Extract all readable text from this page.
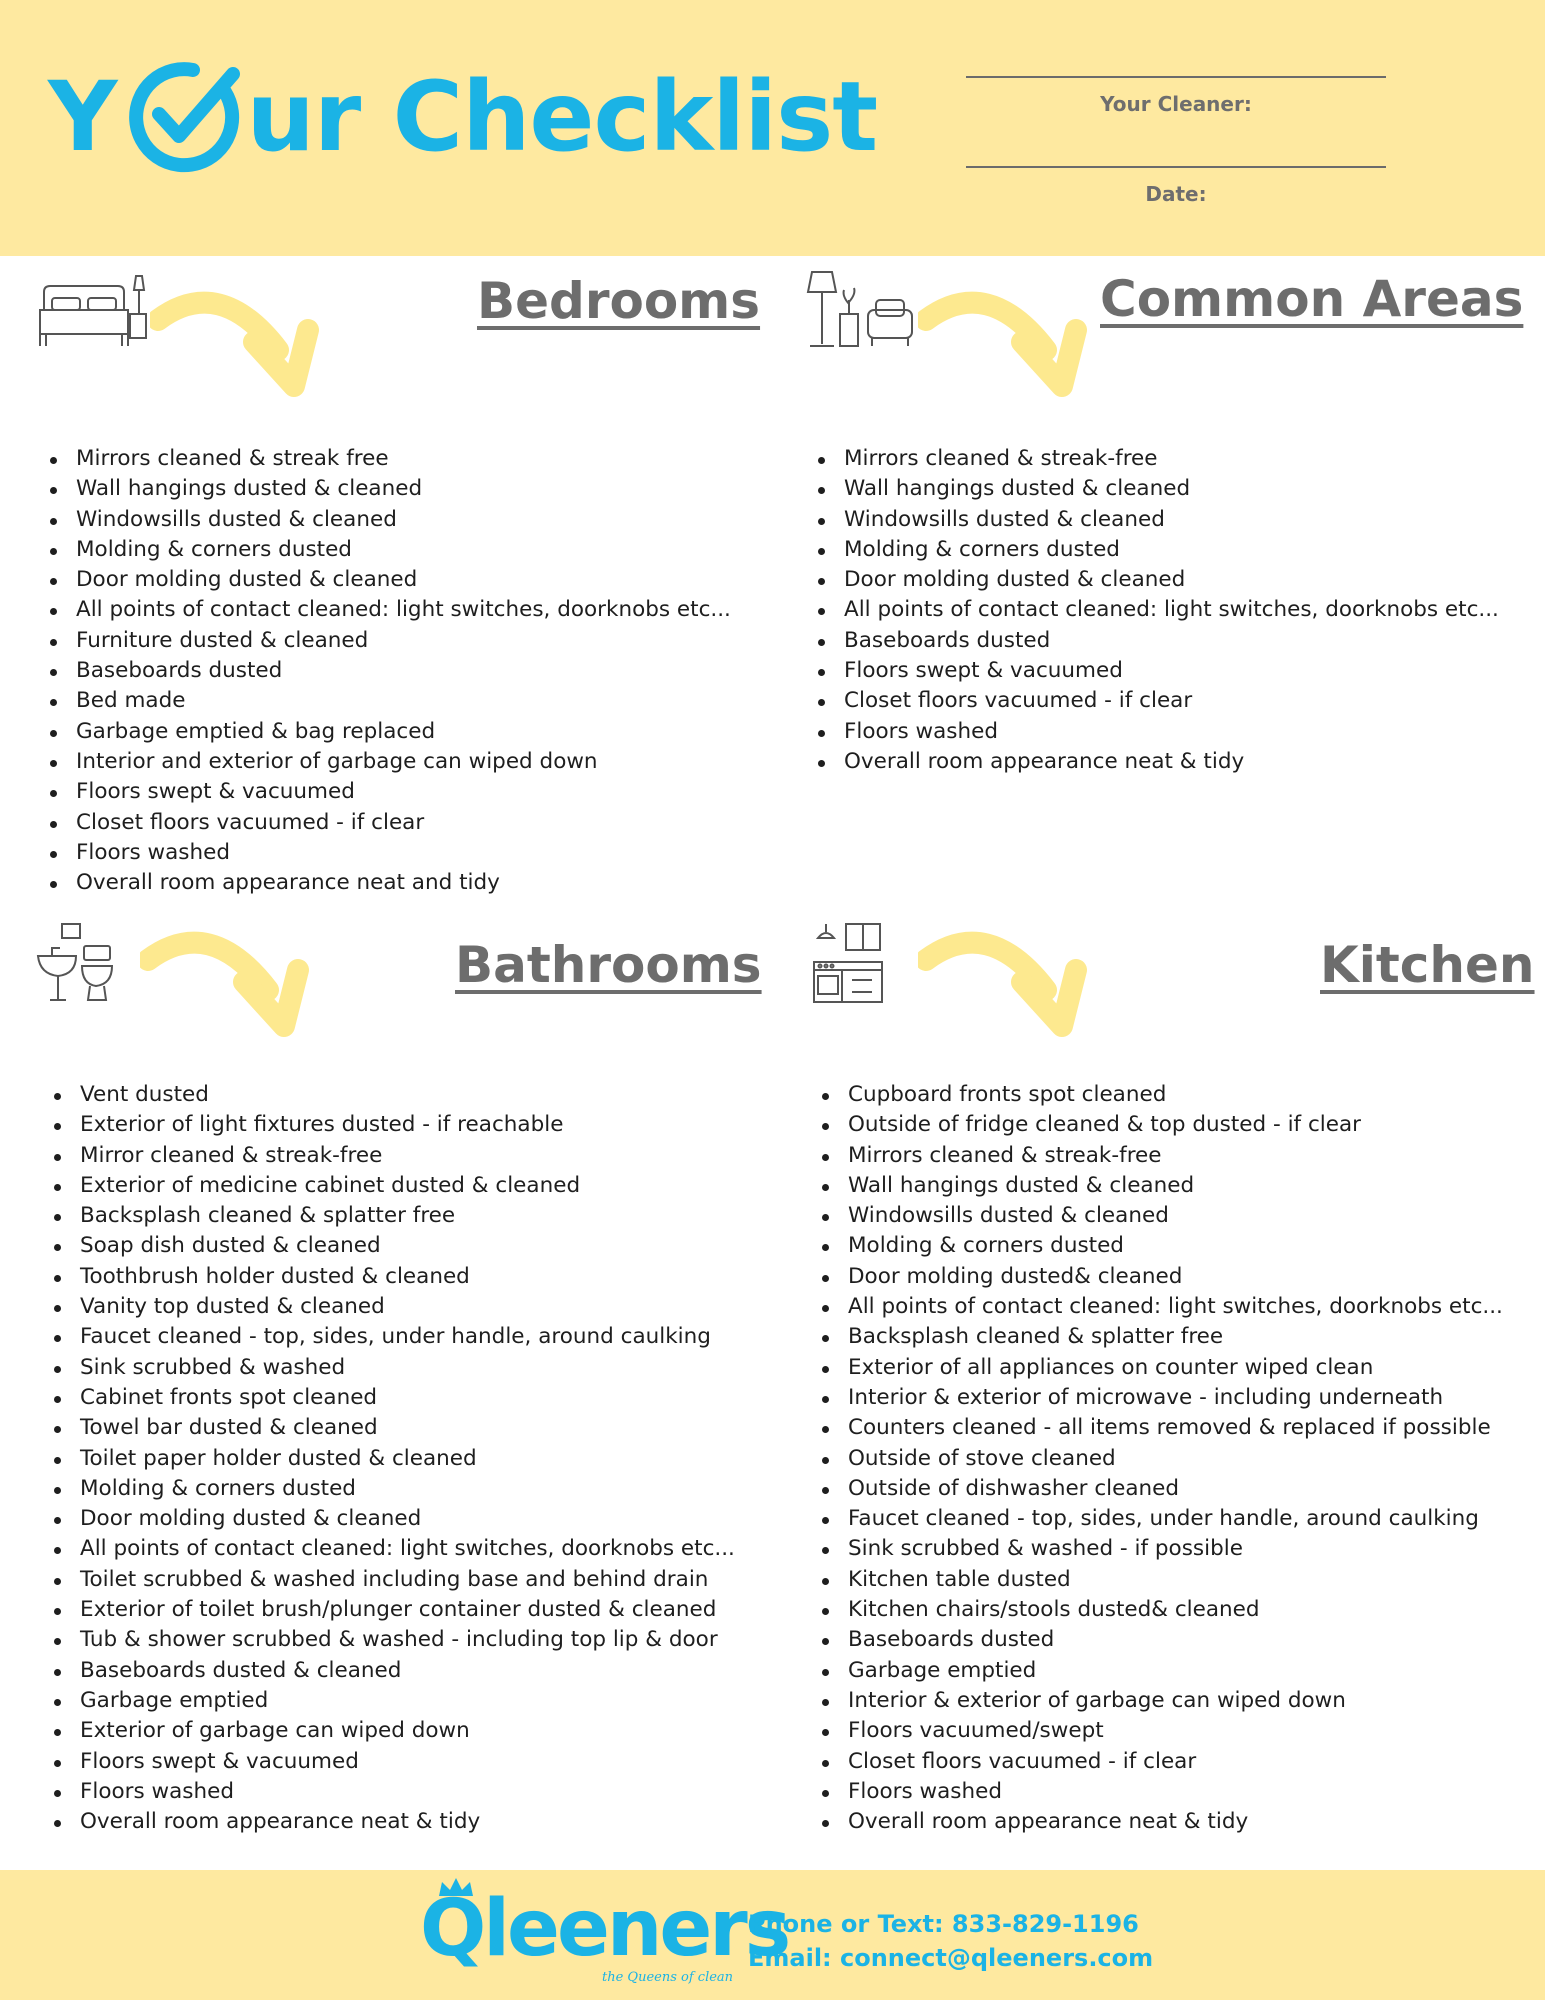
Y ur Checklist	Your Cleaner:
Date:
Bedrooms
Mirrors cleaned & streak free
Wall hangings dusted & cleaned
Windowsills dusted & cleaned
Molding & corners dusted
Door molding dusted & cleaned
All points of contact cleaned: light switches, doorknobs etc...
Furniture dusted & cleaned
Baseboards dusted
Bed made
Garbage emptied & bag replaced
Interior and exterior of garbage can wiped down
Floors swept & vacuumed
Closet floors vacuumed - if clear
Floors washed
Overall room appearance neat and tidy
Common Areas
Mirrors cleaned & streak-free
Wall hangings dusted & cleaned
Windowsills dusted & cleaned
Molding & corners dusted
Door molding dusted & cleaned
All points of contact cleaned: light switches, doorknobs etc...
Baseboards dusted
Floors swept & vacuumed
Closet floors vacuumed - if clear
Floors washed
Overall room appearance neat & tidy
Bathrooms
Vent dusted
Exterior of light fixtures dusted - if reachable
Mirror cleaned & streak-free
Exterior of medicine cabinet dusted & cleaned
Backsplash cleaned & splatter free
Soap dish dusted & cleaned
Toothbrush holder dusted & cleaned
Vanity top dusted & cleaned
Faucet cleaned - top, sides, under handle, around caulking
Sink scrubbed & washed
Cabinet fronts spot cleaned
Towel bar dusted & cleaned
Toilet paper holder dusted & cleaned
Molding & corners dusted
Door molding dusted & cleaned
All points of contact cleaned: light switches, doorknobs etc...
Toilet scrubbed & washed including base and behind drain
Exterior of toilet brush/plunger container dusted & cleaned
Tub & shower scrubbed & washed - including top lip & door
Baseboards dusted & cleaned
Garbage emptied
Exterior of garbage can wiped down
Floors swept & vacuumed
Floors washed
Overall room appearance neat & tidy
Kitchen
Cupboard fronts spot cleaned
Outside of fridge cleaned & top dusted - if clear
Mirrors cleaned & streak-free
Wall hangings dusted & cleaned
Windowsills dusted & cleaned
Molding & corners dusted
Door molding dusted& cleaned
All points of contact cleaned: light switches, doorknobs etc...
Backsplash cleaned & splatter free
Exterior of all appliances on counter wiped clean
Interior & exterior of microwave - including underneath
Counters cleaned - all items removed & replaced if possible
Outside of stove cleaned
Outside of dishwasher cleaned
Faucet cleaned - top, sides, under handle, around caulking
Sink scrubbed & washed - if possible
Kitchen table dusted
Kitchen chairs/stools dusted& cleaned
Baseboards dusted
Garbage emptied
Interior & exterior of garbage can wiped down
Floors vacuumed/swept
Closet floors vacuumed - if clear
Floors washed
Overall room appearance neat & tidy
Qleeners
the Queens of clean
Phone or Text: 833-829-1196
Email: connect@qleeners.com
